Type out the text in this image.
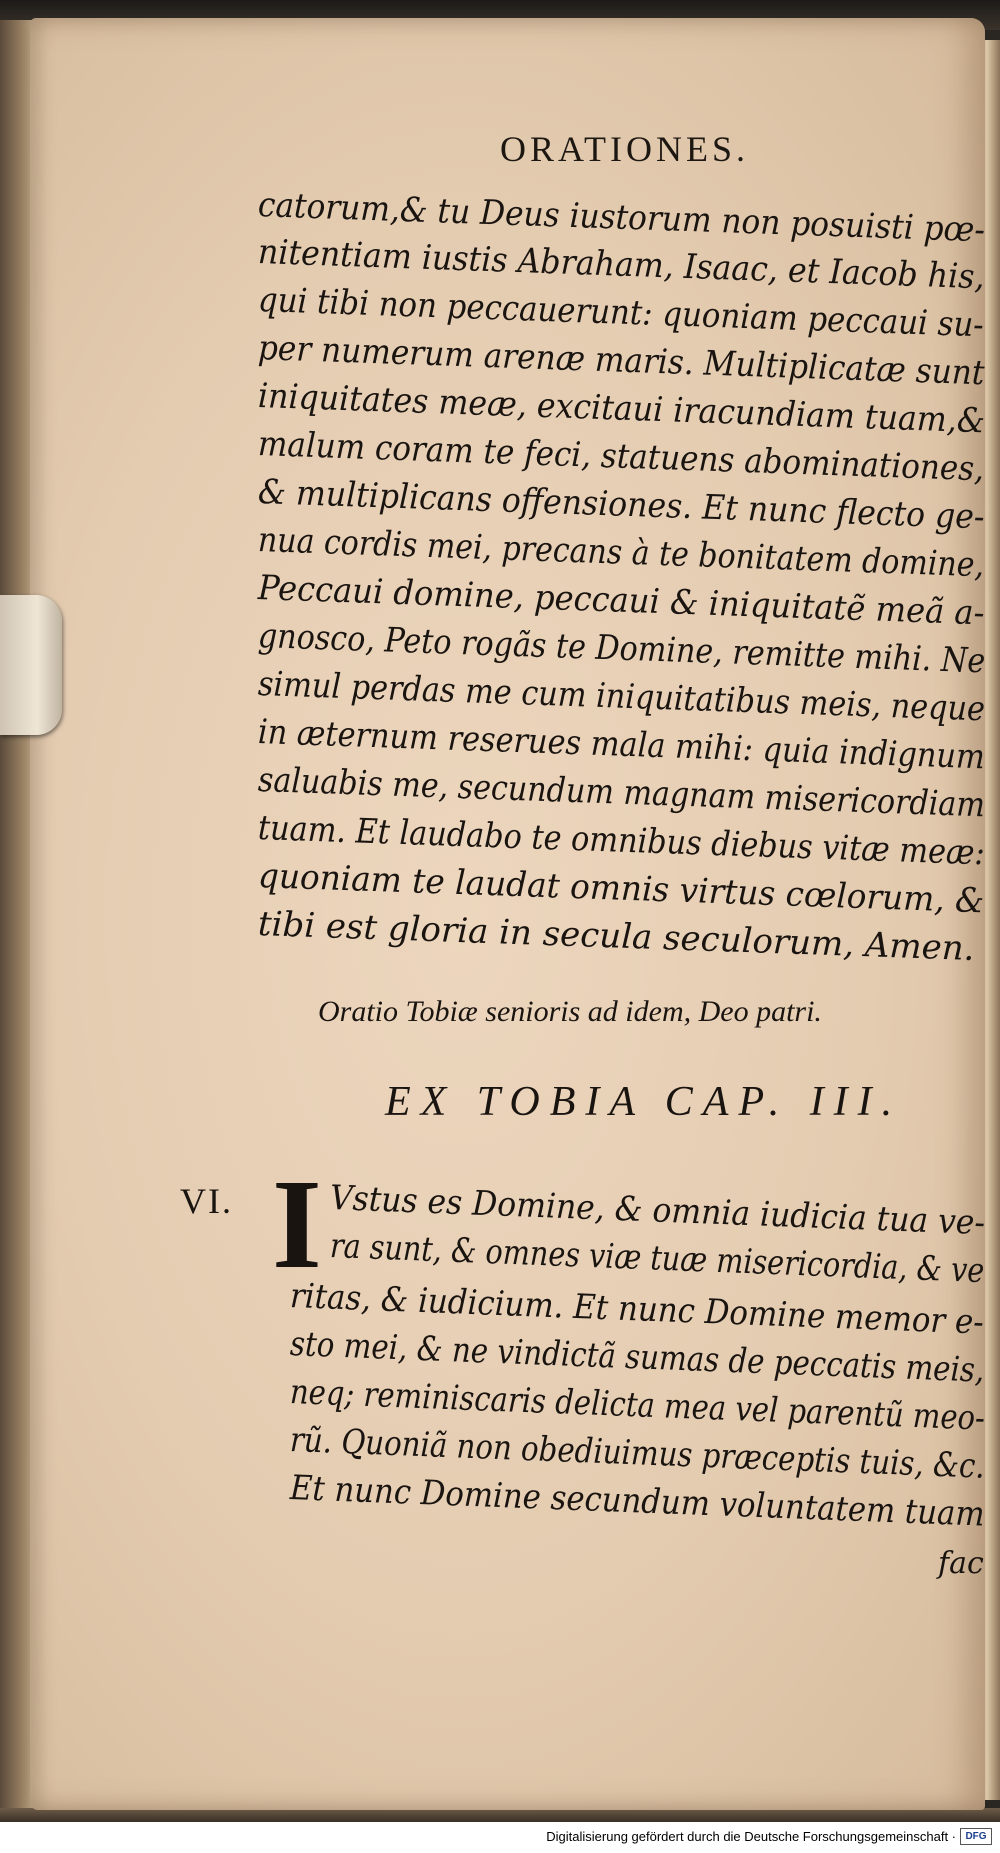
ORATIONES.
catorum,& tu Deus iustorum non posuisti pœ-
nitentiam iustis Abraham, Isaac, et Iacob his,
qui tibi non peccauerunt: quoniam peccaui su-
per numerum arenæ maris. Multiplicatæ sunt
iniquitates meæ, excitaui iracundiam tuam,&
malum coram te feci, statuens abominationes,
& multiplicans offensiones. Et nunc flecto ge-
nua cordis mei, precans à te bonitatem domine,
Peccaui domine, peccaui & iniquitatẽ meã a-
gnosco, Peto rogãs te Domine, remitte mihi. Ne
simul perdas me cum iniquitatibus meis, neque
in æternum reserues mala mihi: quia indignum
saluabis me, secundum magnam misericordiam
tuam. Et laudabo te omnibus diebus vitæ meæ:
quoniam te laudat omnis virtus cœlorum, &
tibi est gloria in secula seculorum, Amen.
Oratio Tobiæ senioris ad idem, Deo patri.
EX TOBIA CAP. III.
VI. I Vstus es Domine, & omnia iudicia tua ve-
ra sunt, & omnes viæ tuæ misericordia, & ve
ritas, & iudicium. Et nunc Domine memor e-
sto mei, & ne vindictã sumas de peccatis meis,
neq; reminiscaris delicta mea vel parentũ meo-
rũ. Quoniã non obediuimus præceptis tuis, &c.
Et nunc Domine secundum voluntatem tuam
fac
Digitalisierung gefördert durch die Deutsche Forschungsgemeinschaft · DFG
